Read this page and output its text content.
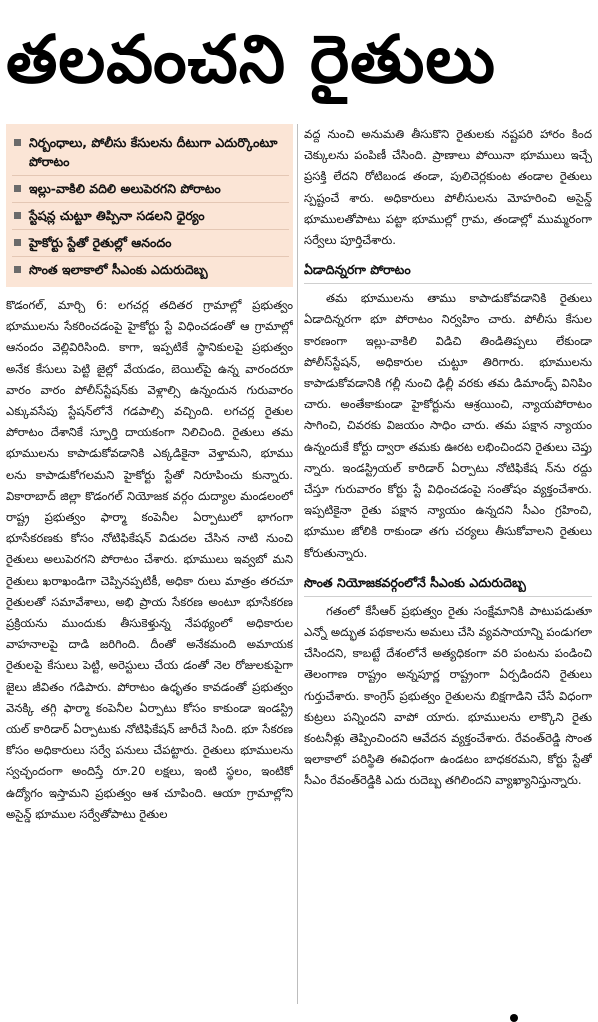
తలవంచని రైతులు
నిర్బంధాలు, పోలీసు కేసులను దీటుగా ఎదుర్కొంటూ పోరాటం
ఇల్లు-వాకిలి వదిలి అలుపెరగని పోరాటం
స్టేషన్ల చుట్టూ తిప్పినా సడలని ధైర్యం
హైకోర్టు స్టేతో రైతుల్లో ఆనందం
సొంత ఇలాకాలో సీఎంకు ఎదురుదెబ్బ

కొడంగల్, మార్చి 6: లగచర్ల తదితర గ్రామాల్లో ప్రభుత్వం భూములను సేకరించడంపై హైకోర్టు స్టే విధించడంతో ఆ గ్రామాల్లో ఆనందం వెల్లివిరిసింది. కాగా, ఇప్పటికే స్థానికులపై ప్రభుత్వం అనేక కేసులు పెట్టి జైల్లో వేయడం, బెయిల్‌పై ఉన్న వారందరూ వారం వారం పోలీస్‌స్టేషన్‌కు వెళ్లాల్సి ఉన్నందున గురువారం ఎక్కువసేపు స్టేషన్‌లోనే గడపాల్సి వచ్చింది. లగచర్ల రైతుల పోరాటం దేశానికే స్ఫూర్తి దాయకంగా నిలిచింది. రైతులు తమ భూములను కాపాడుకోవడానికి ఎక్కడికైనా వెళ్తామని, భూము లను కాపాడుకోగలమని హైకోర్టు స్టేతో నిరూపించు కున్నారు. వికారాబాద్ జిల్లా కొడంగల్ నియోజక వర్గం దుద్యాల మండలంలో రాష్ట్ర ప్రభుత్వం ఫార్మా కంపెనీల ఏర్పాటులో భాగంగా భూసేకరణకు కోసం నోటిఫికేషన్ విడుదల చేసిన నాటి నుంచి రైతులు అలుపెరగని పోరాటం చేశారు. భూములు ఇవ్వబో మని రైతులు ఖరాఖండిగా చెప్పినప్పటికీ, అధికా రులు మాత్రం తరచూ రైతులతో సమావేశాలు, అభి ప్రాయ సేకరణ అంటూ భూసేకరణ ప్రక్రియను ముందుకు తీసుకెళ్తున్న నేపథ్యంలో అధికారుల వాహనాలపై దాడి జరిగింది. దీంతో అనేకమంది అమాయక రైతులపై కేసులు పెట్టి, అరెస్టులు చేయ డంతో నెల రోజులకుపైగా జైలు జీవితం గడిపారు. పోరాటం ఉధృతం కావడంతో ప్రభుత్వం వెనక్కి తగ్గి ఫార్మా కంపెనీల ఏర్పాటు కోసం కాకుండా ఇండస్ట్రి యల్ కారిడార్ ఏర్పాటుకు నోటిఫికేషన్ జారీచే సింది. భూ సేకరణ కోసం అధికారులు సర్వే పనులు చేపట్టారు. రైతులు భూములను స్వచ్ఛందంగా అందిస్తే రూ.20 లక్షలు, ఇంటి స్థలం, ఇంటికో ఉద్యోగం ఇస్తామని ప్రభుత్వం ఆశ చూపింది. ఆయా గ్రామాల్లోని అసైన్డ్ భూముల సర్వేతోపాటు రైతుల

వద్ద నుంచి అనుమతి తీసుకొని రైతులకు నష్టపరి హారం కింద చెక్కులను పంపిణీ చేసింది. ప్రాణాలు పోయినా భూములు ఇచ్చే ప్రసక్తి లేదని రోటిబండ తండా, పులిచెర్లకుంట తండాల రైతులు స్పష్టంచే శారు. అధికారులు పోలీసులను మోహరించి అసైన్డ్ భూములతోపాటు పట్టా భూముల్లో గ్రామ, తండాల్లో ముమ్మరంగా సర్వేలు పూర్తిచేశారు.

ఏడాదిన్నరగా పోరాటం

తమ భూములను తాము కాపాడుకోవడానికి రైతులు ఏడాదిన్నరగా భూ పోరాటం నిర్వహిం చారు. పోలీసు కేసుల కారణంగా ఇల్లు-వాకిలి విడిచి తిండితిప్పలు లేకుండా పోలీస్‌స్టేషన్, అధికారుల చుట్టూ తిరిగారు. భూములను కాపాడుకోవడానికి గల్లీ నుంచి ఢిల్లీ వరకు తమ డిమాండ్స్ వినిపిం చారు. అంతేకాకుండా హైకోర్టును ఆశ్రయించి, న్యాయపోరాటం సాగించి, చివరకు విజయం సాధిం చారు. తమ పక్షాన న్యాయం ఉన్నందుకే కోర్టు ద్వారా తమకు ఊరట లభించిందని రైతులు చెప్తు న్నారు. ఇండస్ట్రియల్ కారిడార్ ఏర్పాటు నోటిఫికేష న్‌ను రద్దు చేస్తూ గురువారం కోర్టు స్టే విధించడంపై సంతోషం వ్యక్తంచేశారు. ఇప్పటికైనా రైతు పక్షాన న్యాయం ఉన్నదని సీఎం గ్రహించి, భూముల జోలికి రాకుండా తగు చర్యలు తీసుకోవాలని రైతులు కోరుతున్నారు.

సొంత నియోజకవర్గంలోనే సీఎంకు ఎదురుదెబ్బ

గతంలో కేసీఆర్ ప్రభుత్వం రైతు సంక్షేమానికి పాటుపడుతూ ఎన్నో అద్భుత పథకాలను అమలు చేసి వ్యవసాయాన్ని పండుగలా చేసిందని, కాబట్టే దేశంలోనే అత్యధికంగా వరి పంటను పండించి తెలంగాణ రాష్ట్రం అన్నపూర్ణ రాష్ట్రంగా ఏర్పడిందని రైతులు గుర్తుచేశారు. కాంగ్రెస్ ప్రభుత్వం రైతులను బిక్షగాడిని చేసే విధంగా కుట్రలు పన్నిందని వాపో యారు. భూములను లాక్కొని రైతు కంటనీళ్లు తెప్పించిందని ఆవేదన వ్యక్తంచేశారు. రేవంత్‌రెడ్డి సొంత ఇలాకాలో పరిస్థితి ఈవిధంగా ఉండటం బాధకరమని, కోర్టు స్టేతో సీఎం రేవంత్‌రెడ్డికి ఎదు రుదెబ్బ తగిలిందని వ్యాఖ్యానిస్తున్నారు.
